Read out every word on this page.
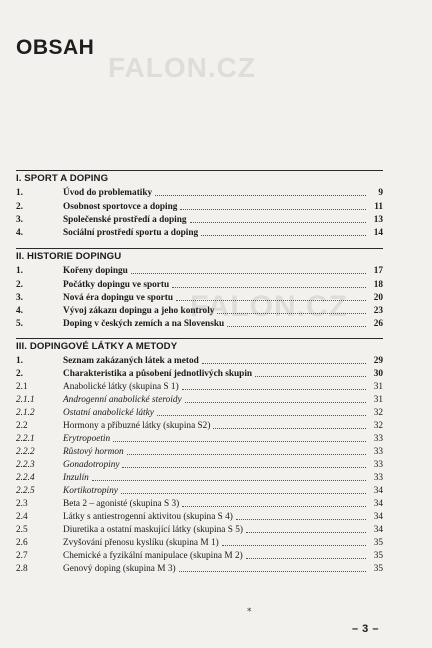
OBSAH
FALON.CZ
FALON.CZ
I. SPORT A DOPING
1.	Úvod do problematiky	9
2.	Osobnost sportovce a doping	11
3.	Společenské prostředí a doping	13
4.	Sociální prostředí sportu a doping	14
II. HISTORIE DOPINGU
1.	Kořeny dopingu	17
2.	Počátky dopingu ve sportu	18
3.	Nová éra dopingu ve sportu	20
4.	Vývoj zákazu dopingu a jeho kontroly	23
5.	Doping v českých zemích a na Slovensku	26
III. DOPINGOVÉ LÁTKY A METODY
1.	Seznam zakázaných látek a metod	29
2.	Charakteristika a působení jednotlivých skupin	30
2.1	Anabolické látky (skupina S 1)	31
2.1.1	Androgenní anabolické steroidy	31
2.1.2	Ostatní anabolické látky	32
2.2	Hormony a příbuzné látky (skupina S2)	32
2.2.1	Erytropoetin	33
2.2.2	Růstový hormon	33
2.2.3	Gonadotropiny	33
2.2.4	Inzulín	33
2.2.5	Kortikotropiny	34
2.3	Beta 2 – agonisté (skupina S 3)	34
2.4	Látky s antiestrogenní aktivitou (skupina S 4)	34
2.5	Diuretika a ostatní maskující látky (skupina S 5)	34
2.6	Zvyšování přenosu kyslíku (skupina M 1)	35
2.7	Chemické a fyzikální manipulace (skupina M 2)	35
2.8	Genový doping (skupina M 3)	35
⁎
– 3 –
